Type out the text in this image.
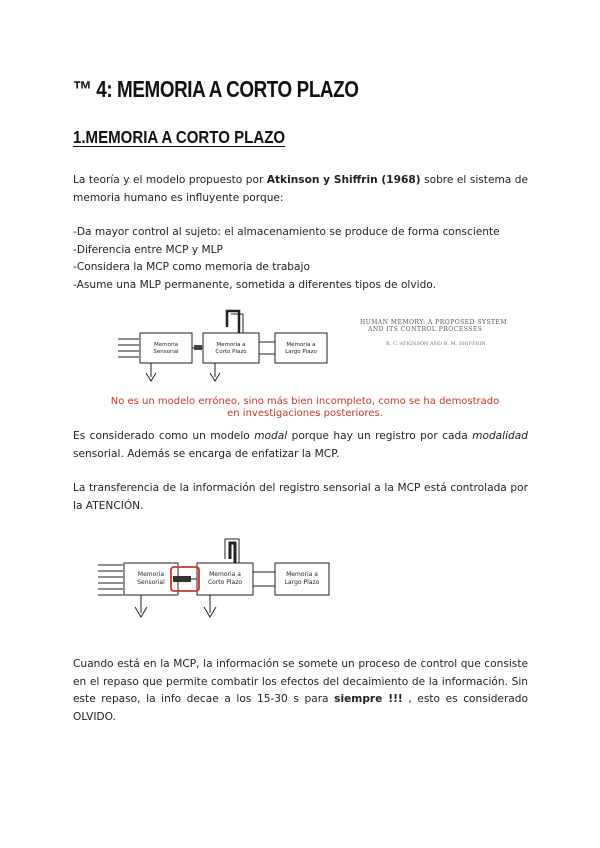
™ 4: MEMORIA A CORTO PLAZO
1.MEMORIA A CORTO PLAZO
La teoría y el modelo propuesto por Atkinson y Shiffrin (1968) sobre el sistema de memoria humano es influyente porque:
-Da mayor control al sujeto: el almacenamiento se produce de forma consciente
-Diferencia entre MCP y MLP
-Considera la MCP como memoria de trabajo
-Asume una MLP permanente, sometida a diferentes tipos de olvido.
Memoria
Sensorial
Memoria a
Corto Plazo
Memoria a
Largo Plazo
HUMAN MEMORY: A PROPOSED SYSTEM
AND ITS CONTROL PROCESSES
R. C. ATKINSON AND R. M. SHIFFRIN
No es un modelo erróneo, sino más bien incompleto, como se ha demostrado en investigaciones posteriores.
Es considerado como un modelo modal porque hay un registro por cada modalidad sensorial. Además se encarga de enfatizar la MCP.
La transferencia de la información del registro sensorial a la MCP está controlada por la ATENCIÓN.
Memoria
Sensorial
Memoria a
Corto Plazo
Memoria a
Largo Plazo
Cuando está en la MCP, la información se somete un proceso de control que consiste en el repaso que permite combatir los efectos del decaimiento de la información. Sin este repaso, la info decae a los 15-30 s para siempre !!! , esto es considerado OLVIDO.
